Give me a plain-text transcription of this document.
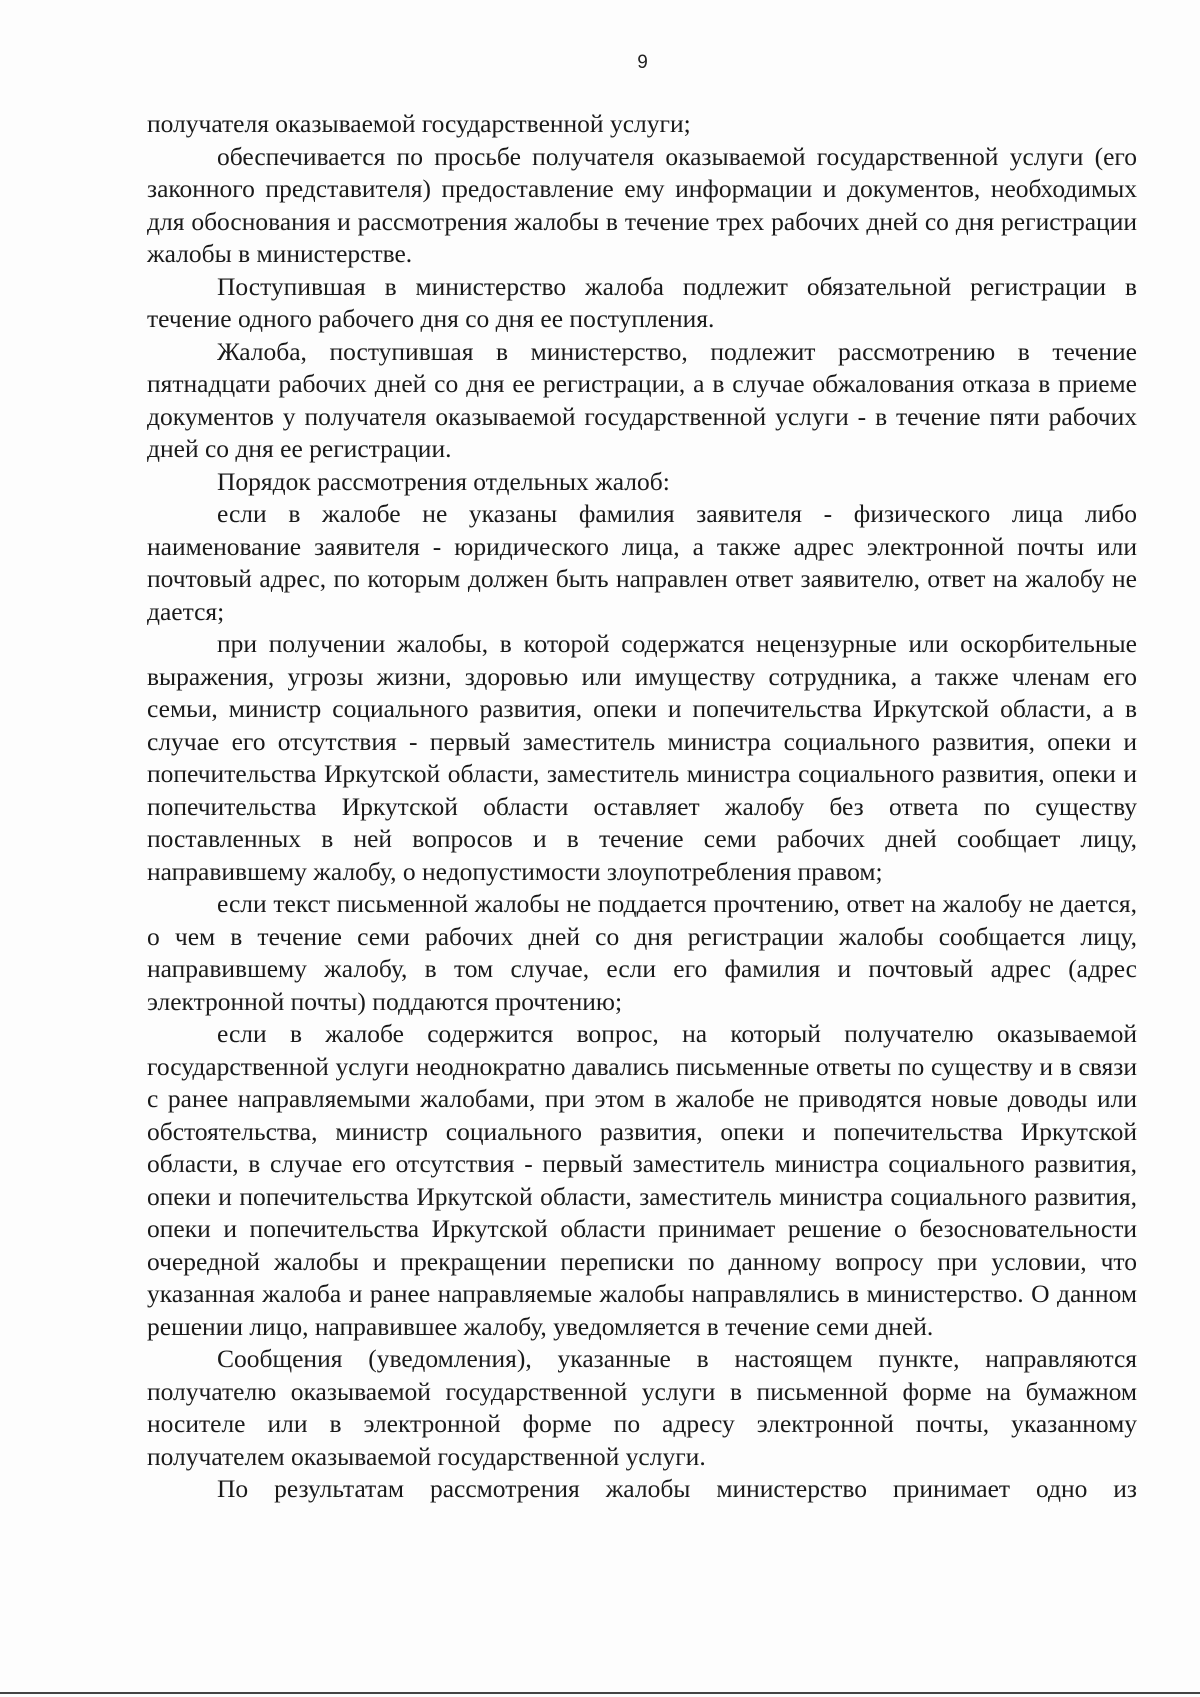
9

получателя оказываемой государственной услуги;

обеспечивается по просьбе получателя оказываемой государственной услуги (его законного представителя) предоставление ему информации и документов, необходимых для обоснования и рассмотрения жалобы в течение трех рабочих дней со дня регистрации жалобы в министерстве.

Поступившая в министерство жалоба подлежит обязательной регистрации в течение одного рабочего дня со дня ее поступления.

Жалоба, поступившая в министерство, подлежит рассмотрению в течение пятнадцати рабочих дней со дня ее регистрации, а в случае обжалования отказа в приеме документов у получателя оказываемой государственной услуги - в течение пяти рабочих дней со дня ее регистрации.

Порядок рассмотрения отдельных жалоб:

если в жалобе не указаны фамилия заявителя - физического лица либо наименование заявителя - юридического лица, а также адрес электронной почты или почтовый адрес, по которым должен быть направлен ответ заявителю, ответ на жалобу не дается;

при получении жалобы, в которой содержатся нецензурные или оскорбительные выражения, угрозы жизни, здоровью или имуществу сотрудника, а также членам его семьи, министр социального развития, опеки и попечительства Иркутской области, а в случае его отсутствия - первый заместитель министра социального развития, опеки и попечительства Иркутской области, заместитель министра социального развития, опеки и попечительства Иркутской области оставляет жалобу без ответа по существу поставленных в ней вопросов и в течение семи рабочих дней сообщает лицу, направившему жалобу, о недопустимости злоупотребления правом;

если текст письменной жалобы не поддается прочтению, ответ на жалобу не дается, о чем в течение семи рабочих дней со дня регистрации жалобы сообщается лицу, направившему жалобу, в том случае, если его фамилия и почтовый адрес (адрес электронной почты) поддаются прочтению;

если в жалобе содержится вопрос, на который получателю оказываемой государственной услуги неоднократно давались письменные ответы по существу и в связи с ранее направляемыми жалобами, при этом в жалобе не приводятся новые доводы или обстоятельства, министр социального развития, опеки и попечительства Иркутской области, в случае его отсутствия - первый заместитель министра социального развития, опеки и попечительства Иркутской области, заместитель министра социального развития, опеки и попечительства Иркутской области принимает решение о безосновательности очередной жалобы и прекращении переписки по данному вопросу при условии, что указанная жалоба и ранее направляемые жалобы направлялись в министерство. О данном решении лицо, направившее жалобу, уведомляется в течение семи дней.

Сообщения (уведомления), указанные в настоящем пункте, направляются получателю оказываемой государственной услуги в письменной форме на бумажном носителе или в электронной форме по адресу электронной почты, указанному получателем оказываемой государственной услуги.

По результатам рассмотрения жалобы министерство принимает одно из
